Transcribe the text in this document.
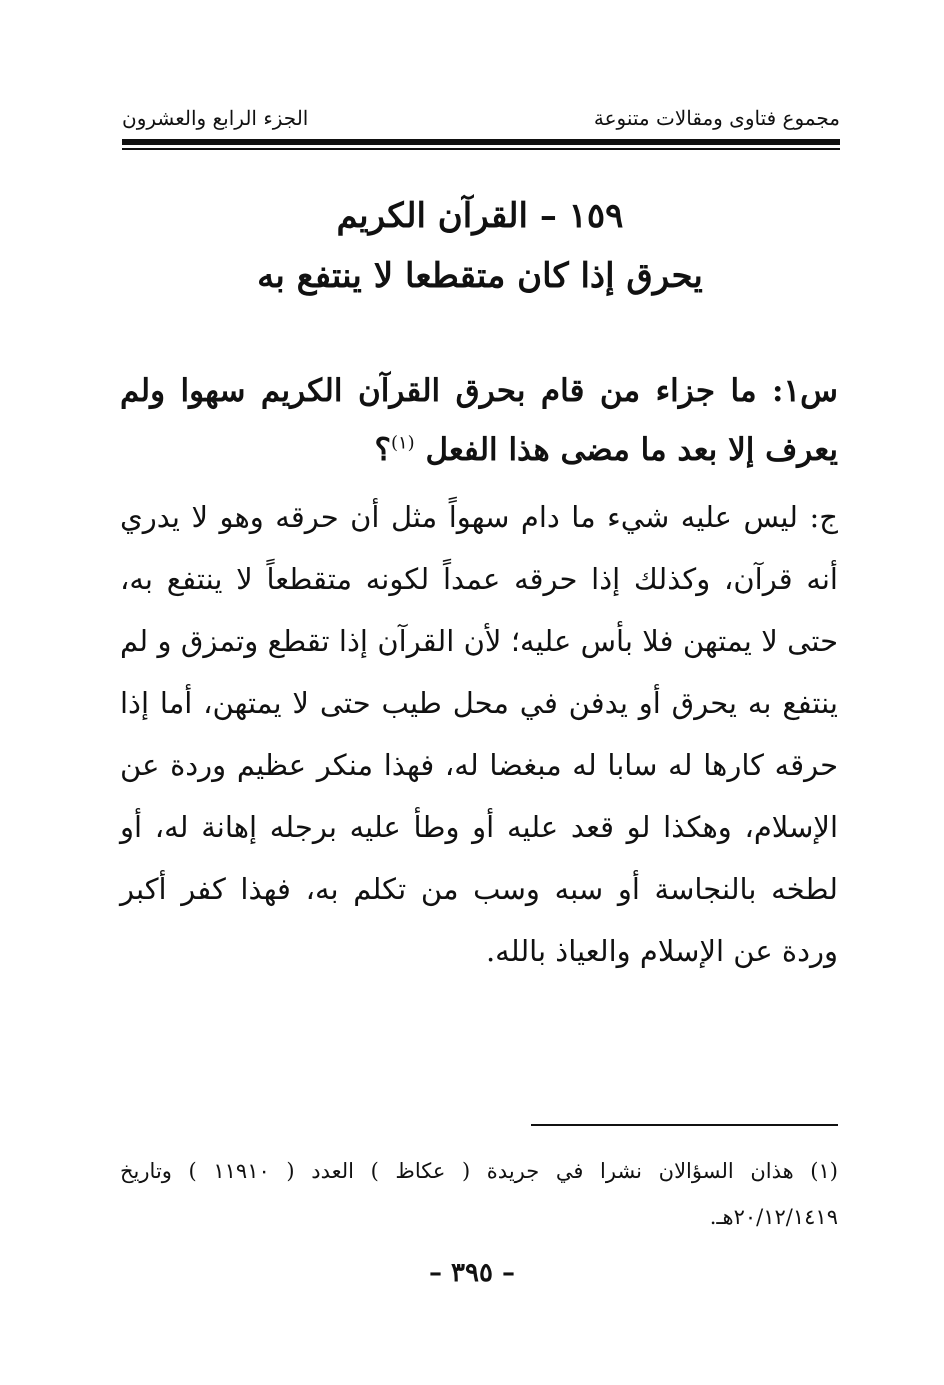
مجموع فتاوى ومقالات متنوعة
الجزء الرابع والعشرون
١٥٩ – القرآن الكريم
يحرق إذا كان متقطعا لا ينتفع به
س١: ما جزاء من قام بحرق القرآن الكريم سهوا ولم يعرف إلا بعد ما مضى هذا الفعل $^{(١)}$؟
ج: ليس عليه شيء ما دام سهواً مثل أن حرقه وهو لا يدري أنه قرآن، وكذلك إذا حرقه عمداً لكونه متقطعاً لا ينتفع به، حتى لا يمتهن فلا بأس عليه؛ لأن القرآن إذا تقطع وتمزق و لم ينتفع به يحرق أو يدفن في محل طيب حتى لا يمتهن، أما إذا حرقه كارها له سابا له مبغضا له، فهذا منكر عظيم وردة عن الإسلام، وهكذا لو قعد عليه أو وطأ عليه برجله إهانة له، أو لطخه بالنجاسة أو سبه وسب من تكلم به، فهذا كفر أكبر وردة عن الإسلام والعياذ بالله.
(١) هذان السؤالان نشرا في جريدة ( عكاظ ) العدد ( ١١٩١٠ ) وتاريخ ٢٠/١٢/١٤١٩هـ.
– ٣٩٥ –
